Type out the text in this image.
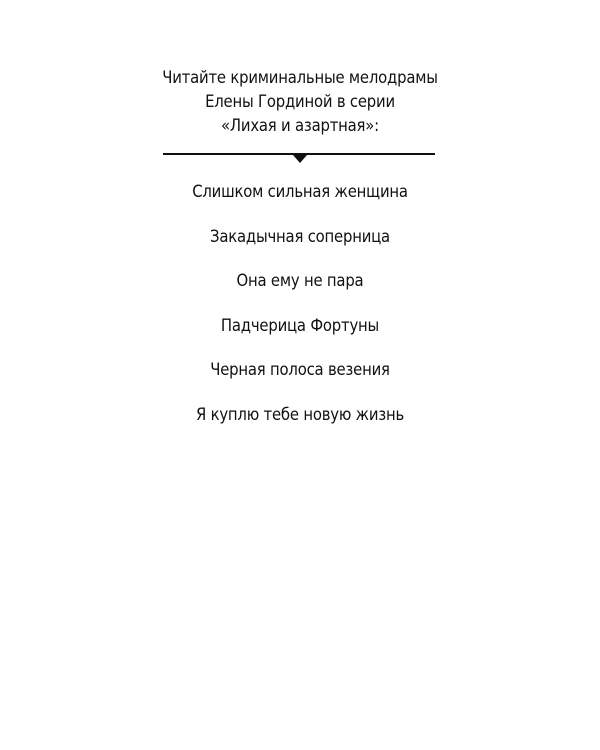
Читайте криминальные мелодрамы
Елены Гординой в серии
«Лихая и азартная»:
Слишком сильная женщина
Закадычная соперница
Она ему не пара
Падчерица Фортуны
Черная полоса везения
Я куплю тебе новую жизнь
